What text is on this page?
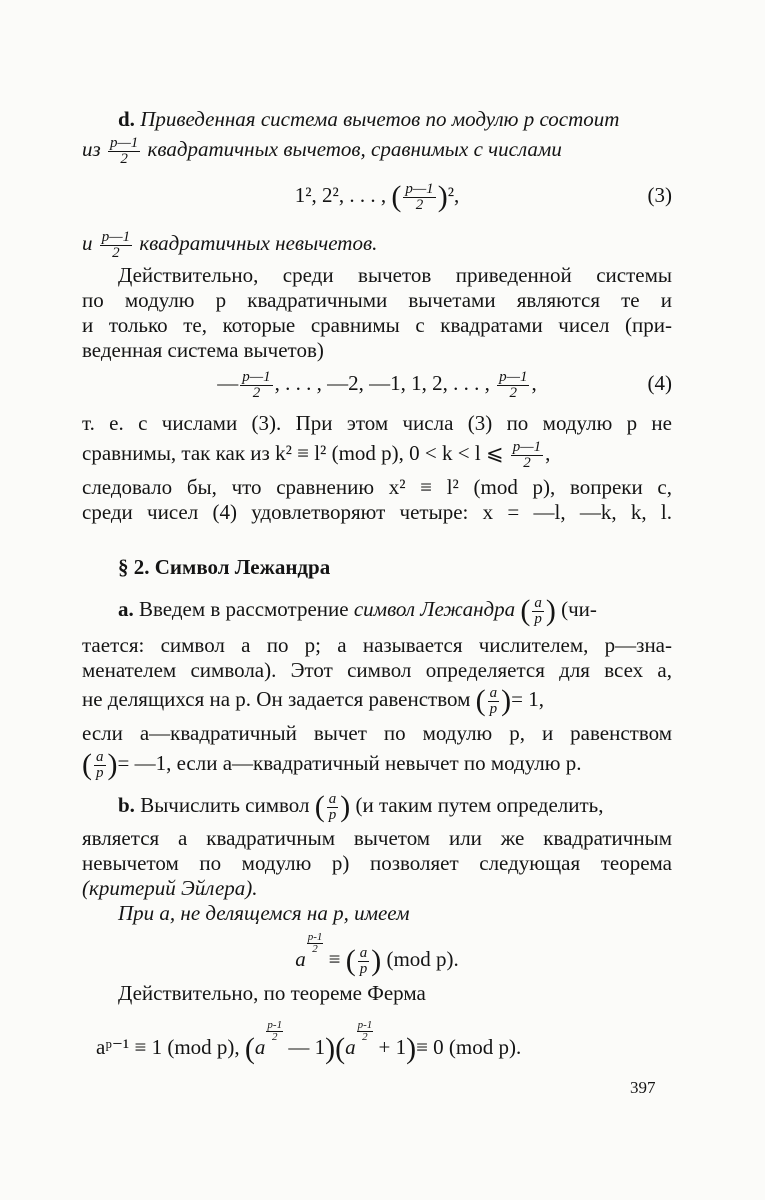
d. Приведенная система вычетов по модулю p состоит
из $\frac{p—1}{2}$ квадратичных вычетов, сравнимых с числами
1², 2², . . . , ( $\frac{p—1}{2} )^2$,	(3)
и $\frac{p—1}{2}$ квадратичных невычетов.
Действительно, среди вычетов приведенной системы
по модулю p квадратичными вычетами являются те и
и только те, которые сравнимы с квадратами чисел (при-
веденная система вычетов)
— $\frac{p—1}{2}$ , . . . , —2, —1, 1, 2, . . . , $\frac{p—1}{2}$ ,	(4)
т. е. с числами (3). При этом числа (3) по модулю p не
сравнимы, так как из k² ≡ l² (mod p), 0 < k < l ⩽ $\frac{p—1}{2}$ ,
следовало бы, что сравнению x² ≡ l² (mod p), вопреки с,
среди чисел (4) удовлетворяют четыре: x = —l, —k, k, l.
§ 2. Символ Лежандра
а. Введем в рассмотрение символ Лежандра ( $\frac{a}{p}$ ) (чи-
тается: символ a по p; a называется числителем, p—зна-
менателем символа). Этот символ определяется для всех a,
не делящихся на p. Он задается равенством ( $\frac{a}{p}$ )= 1,
если a—квадратичный вычет по модулю p, и равенством
( $\frac{a}{p}$ )= —1, если a—квадратичный невычет по модулю p.
b. Вычислить символ ( $\frac{a}{p}$ ) (и таким путем определить,
является a квадратичным вычетом или же квадратичным
невычетом по модулю p) позволяет следующая теорема
(критерий Эйлера).
При a, не делящемся на p, имеем
a
$\frac{p-1}{2}$
≡ ( $\frac{a}{p}$ ) (mod p).
Действительно, по теореме Ферма
aᵖ⁻¹ ≡ 1 (mod p), (a
$\frac{p-1}{2}$
— 1)(a
$\frac{p-1}{2}$
+ 1)≡ 0 (mod p).
397
